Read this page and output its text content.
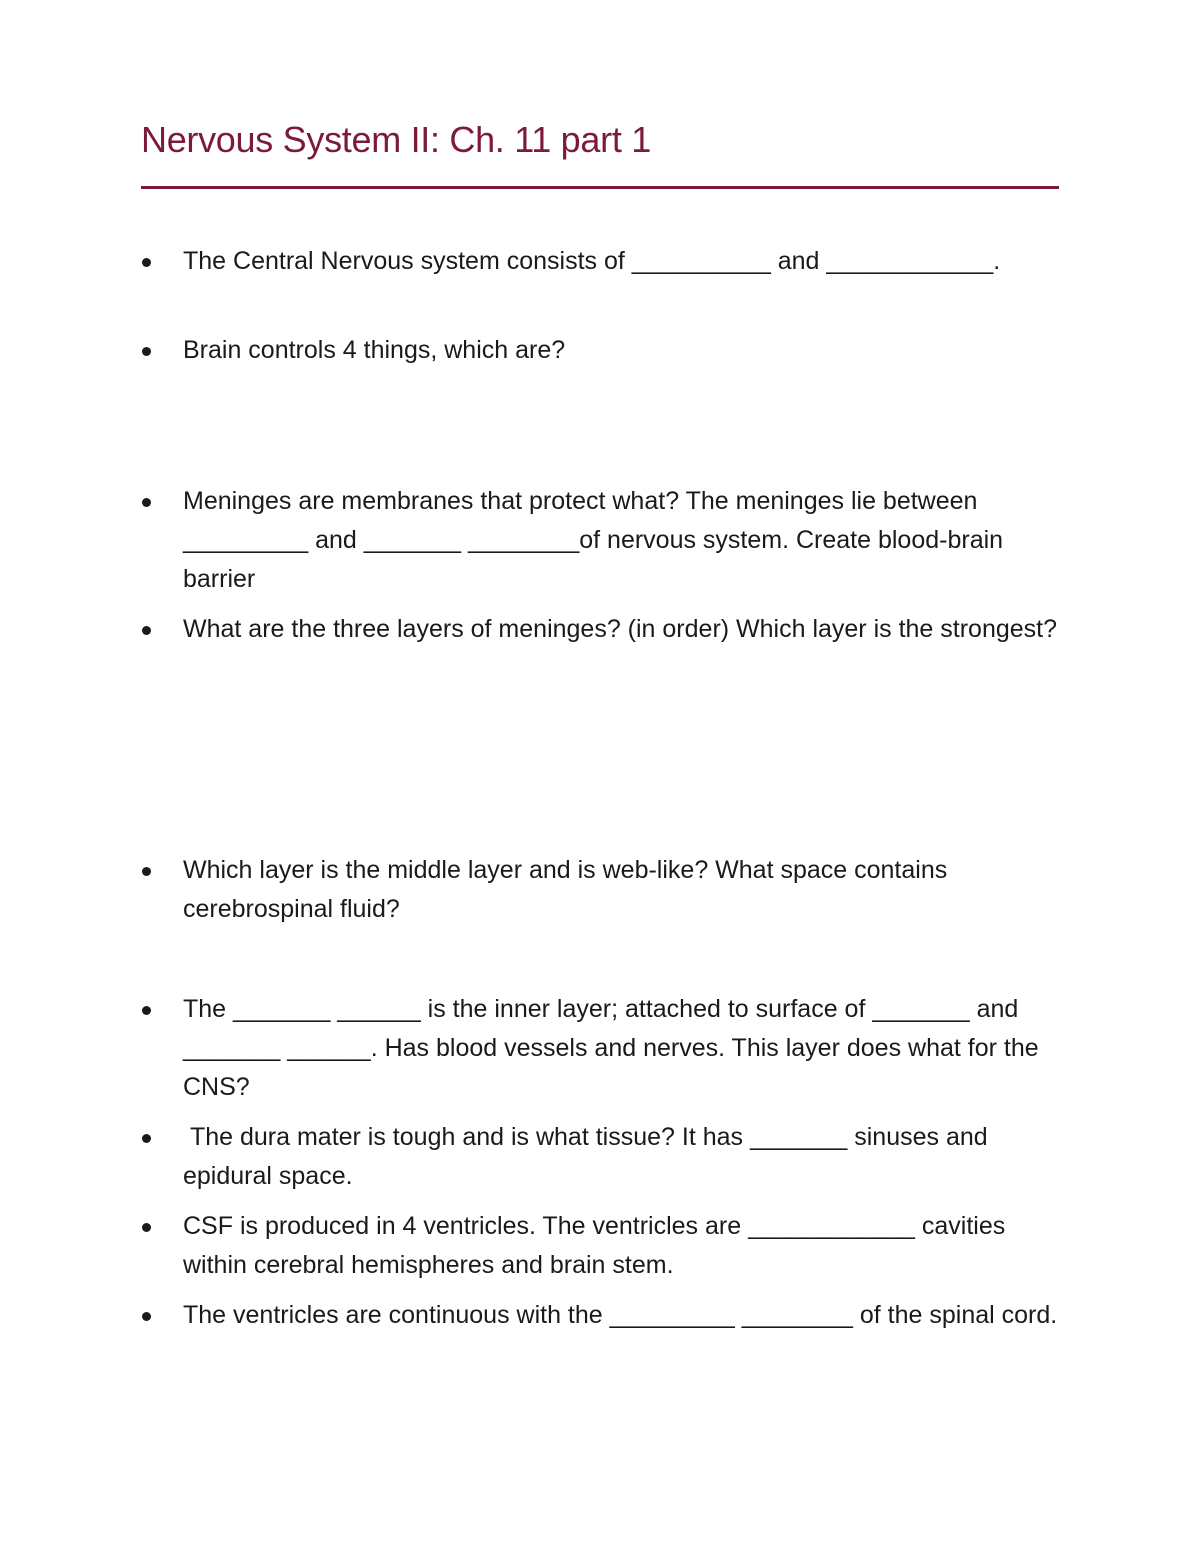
Nervous System II: Ch. 11 part 1
The Central Nervous system consists of __________ and ____________.
Brain controls 4 things, which are?
Meninges are membranes that protect what? The meninges lie between _________ and _______ ________of nervous system. Create blood-brain barrier
What are the three layers of meninges? (in order) Which layer is the strongest?
Which layer is the middle layer and is web-like? What space contains cerebrospinal fluid?
The _______ ______ is the inner layer; attached to surface of _______ and _______ ______. Has blood vessels and nerves. This layer does what for the CNS?
The dura mater is tough and is what tissue? It has _______ sinuses and epidural space.
CSF is produced in 4 ventricles. The ventricles are ____________ cavities within cerebral hemispheres and brain stem.
The ventricles are continuous with the _________ ________ of the spinal cord.
